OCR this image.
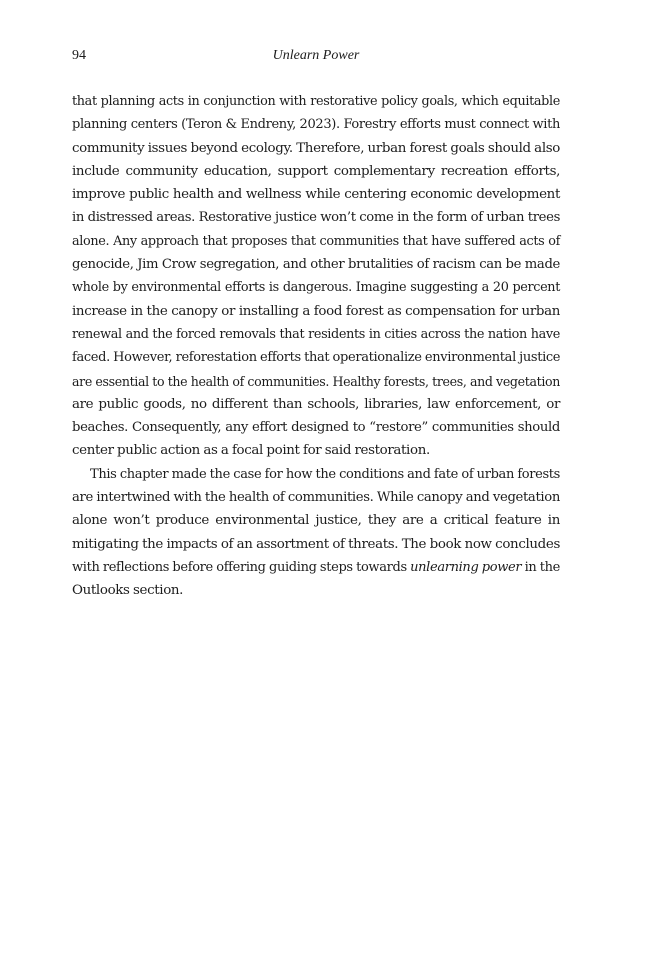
94	Unlearn Power
that planning acts in conjunction with restorative policy goals, which equitable
planning centers (Teron & Endreny, 2023). Forestry efforts must connect with
community issues beyond ecology. Therefore, urban forest goals should also
include community education, support complementary recreation efforts,
improve public health and wellness while centering economic development
in distressed areas. Restorative justice won’t come in the form of urban trees
alone. Any approach that proposes that communities that have suffered acts of
genocide, Jim Crow segregation, and other brutalities of racism can be made
whole by environmental efforts is dangerous. Imagine suggesting a 20 percent
increase in the canopy or installing a food forest as compensation for urban
renewal and the forced removals that residents in cities across the nation have
faced. However, reforestation efforts that operationalize environmental justice
are essential to the health of communities. Healthy forests, trees, and vegetation
are public goods, no different than schools, libraries, law enforcement, or
beaches. Consequently, any effort designed to “restore” communities should
center public action as a focal point for said restoration.
This chapter made the case for how the conditions and fate of urban forests
are intertwined with the health of communities. While canopy and vegetation
alone won’t produce environmental justice, they are a critical feature in
mitigating the impacts of an assortment of threats. The book now concludes
with reflections before offering guiding steps towards unlearning power in the
Outlooks section.
